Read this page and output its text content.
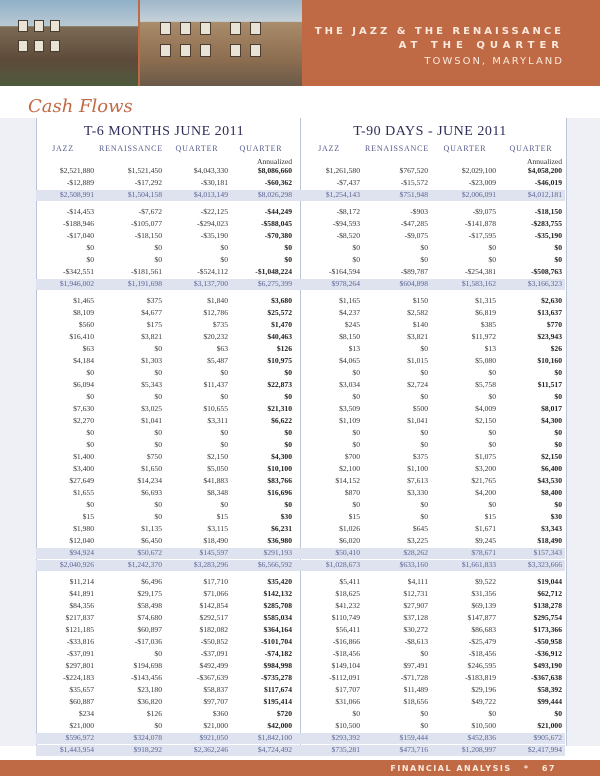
THE JAZZ & THE RENAISSANCE
AT THE QUARTER
TOWSON, MARYLAND
Cash Flows
T-6 MONTHS JUNE 2011	T-90 DAYS - JUNE 2011
JAZZ	RENAISSANCE	QUARTER	QUARTER	JAZZ	RENAISSANCE	QUARTER	QUARTER
Annualized	Annualized
$2,521,880	$1,521,450	$4,043,330	$8,086,660	$1,261,580	$767,520	$2,029,100	$4,058,200
-$12,889	-$17,292	-$30,181	-$60,362	-$7,437	-$15,572	-$23,009	-$46,019
$2,508,991	$1,504,158	$4,013,149	$8,026,298	$1,254,143	$751,948	$2,006,091	$4,012,181
-$14,453	-$7,672	-$22,125	-$44,249	-$8,172	-$903	-$9,075	-$18,150
-$188,946	-$105,077	-$294,023	-$588,045	-$94,593	-$47,285	-$141,878	-$283,755
-$17,040	-$18,150	-$35,190	-$70,380	-$8,520	-$9,075	-$17,595	-$35,190
$0	$0	$0	$0	$0	$0	$0	$0
$0	$0	$0	$0	$0	$0	$0	$0
-$342,551	-$181,561	-$524,112	-$1,048,224	-$164,594	-$89,787	-$254,381	-$508,763
$1,946,002	$1,191,698	$3,137,700	$6,275,399	$978,264	$604,898	$1,583,162	$3,166,323
$1,465	$375	$1,840	$3,680	$1,165	$150	$1,315	$2,630
$8,109	$4,677	$12,786	$25,572	$4,237	$2,582	$6,819	$13,637
$560	$175	$735	$1,470	$245	$140	$385	$770
$16,410	$3,821	$20,232	$40,463	$8,150	$3,821	$11,972	$23,943
$63	$0	$63	$126	$13	$0	$13	$26
$4,184	$1,303	$5,487	$10,975	$4,065	$1,015	$5,080	$10,160
$0	$0	$0	$0	$0	$0	$0	$0
$6,094	$5,343	$11,437	$22,873	$3,034	$2,724	$5,758	$11,517
$0	$0	$0	$0	$0	$0	$0	$0
$7,630	$3,025	$10,655	$21,310	$3,509	$500	$4,009	$8,017
$2,270	$1,041	$3,311	$6,622	$1,109	$1,041	$2,150	$4,300
$0	$0	$0	$0	$0	$0	$0	$0
$0	$0	$0	$0	$0	$0	$0	$0
$1,400	$750	$2,150	$4,300	$700	$375	$1,075	$2,150
$3,400	$1,650	$5,050	$10,100	$2,100	$1,100	$3,200	$6,400
$27,649	$14,234	$41,883	$83,766	$14,152	$7,613	$21,765	$43,530
$1,655	$6,693	$8,348	$16,696	$870	$3,330	$4,200	$8,400
$0	$0	$0	$0	$0	$0	$0	$0
$15	$0	$15	$30	$15	$0	$15	$30
$1,980	$1,135	$3,115	$6,231	$1,026	$645	$1,671	$3,343
$12,040	$6,450	$18,490	$36,980	$6,020	$3,225	$9,245	$18,490
$94,924	$50,672	$145,597	$291,193	$50,410	$28,262	$78,671	$157,343
$2,040,926	$1,242,370	$3,283,296	$6,566,592	$1,028,673	$633,160	$1,661,833	$3,323,666
$11,214	$6,496	$17,710	$35,420	$5,411	$4,111	$9,522	$19,044
$41,891	$29,175	$71,066	$142,132	$18,625	$12,731	$31,356	$62,712
$84,356	$58,498	$142,854	$285,708	$41,232	$27,907	$69,139	$138,278
$217,837	$74,680	$292,517	$585,034	$110,749	$37,128	$147,877	$295,754
$121,185	$60,897	$182,082	$364,164	$56,411	$30,272	$86,683	$173,366
-$33,816	-$17,036	-$50,852	-$101,704	-$16,866	-$8,613	-$25,479	-$50,958
-$37,091	$0	-$37,091	-$74,182	-$18,456	$0	-$18,456	-$36,912
$297,801	$194,698	$492,499	$984,998	$149,104	$97,491	$246,595	$493,190
-$224,183	-$143,456	-$367,639	-$735,278	-$112,091	-$71,728	-$183,819	-$367,638
$35,657	$23,180	$58,837	$117,674	$17,707	$11,489	$29,196	$58,392
$60,887	$36,820	$97,707	$195,414	$31,066	$18,656	$49,722	$99,444
$234	$126	$360	$720	$0	$0	$0	$0
$21,000	$0	$21,000	$42,000	$10,500	$0	$10,500	$21,000
$596,972	$324,078	$921,050	$1,842,100	$293,392	$159,444	$452,836	$905,672
$1,443,954	$918,292	$2,362,246	$4,724,492	$735,281	$473,716	$1,208,997	$2,417,994
FINANCIAL ANALYSIS * 67
